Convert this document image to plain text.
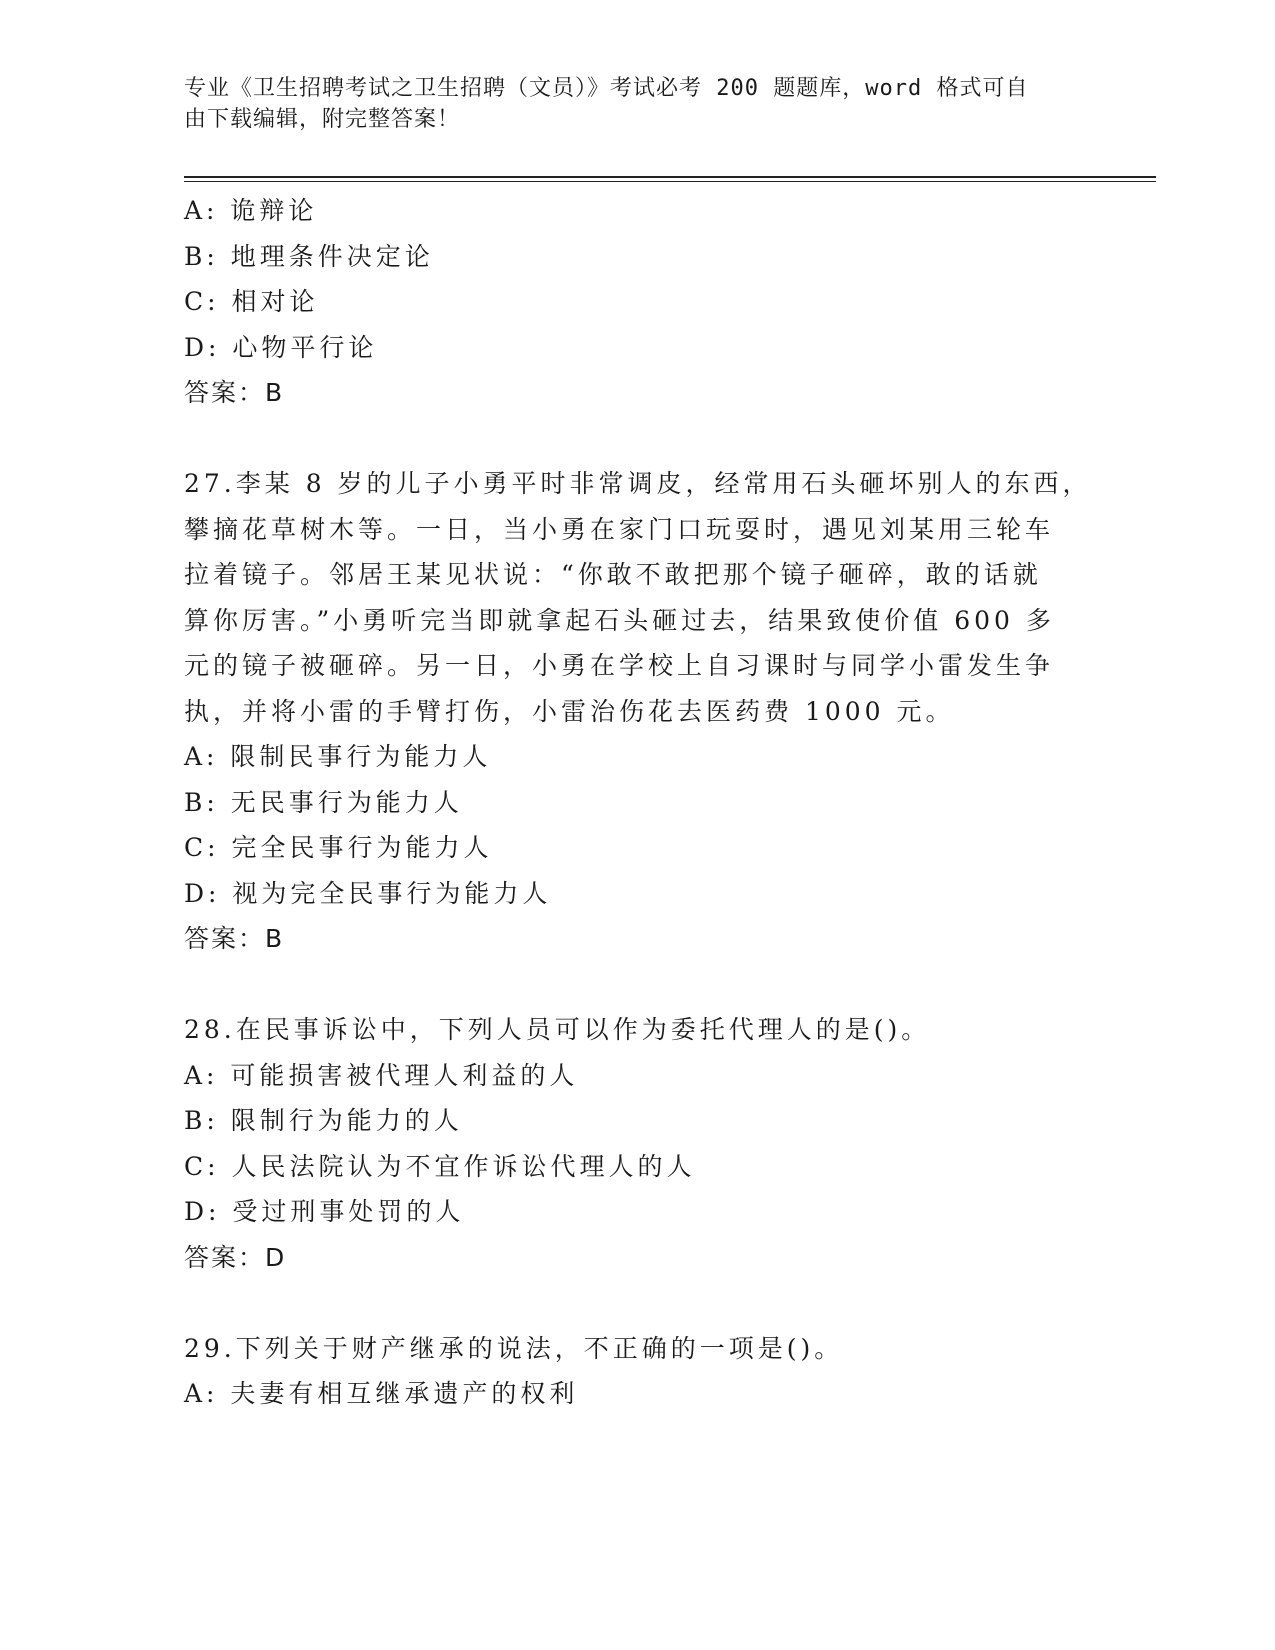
专业《卫生招聘考试之卫生招聘（文员）》考试必考 200 题题库，word 格式可自
由下载编辑，附完整答案！
A: 诡辩论
B: 地理条件决定论
C: 相对论
D: 心物平行论
答案：B
27.李某 8 岁的儿子小勇平时非常调皮，经常用石头砸坏别人的东西，
攀摘花草树木等。一日，当小勇在家门口玩耍时，遇见刘某用三轮车
拉着镜子。邻居王某见状说：“你敢不敢把那个镜子砸碎，敢的话就
算你厉害。”小勇听完当即就拿起石头砸过去，结果致使价值 600 多
元的镜子被砸碎。另一日，小勇在学校上自习课时与同学小雷发生争
执，并将小雷的手臂打伤，小雷治伤花去医药费 1000 元。
A: 限制民事行为能力人
B: 无民事行为能力人
C: 完全民事行为能力人
D: 视为完全民事行为能力人
答案：B
28.在民事诉讼中，下列人员可以作为委托代理人的是()。
A: 可能损害被代理人利益的人
B: 限制行为能力的人
C: 人民法院认为不宜作诉讼代理人的人
D: 受过刑事处罚的人
答案：D
29.下列关于财产继承的说法，不正确的一项是()。
A: 夫妻有相互继承遗产的权利
